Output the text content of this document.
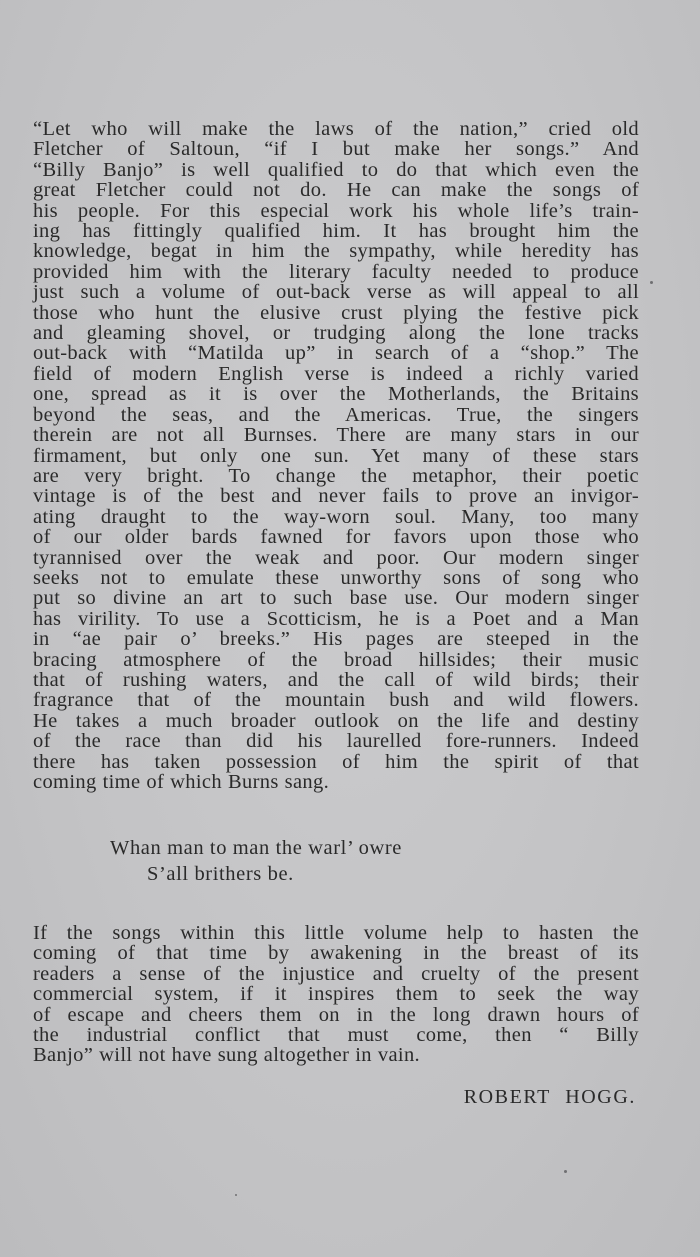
“Let who will make the laws of the nation,” cried old
Fletcher of Saltoun, “if I but make her songs.” And
“Billy Banjo” is well qualified to do that which even the
great Fletcher could not do. He can make the songs of
his people. For this especial work his whole life’s train-
ing has fittingly qualified him. It has brought him the
knowledge, begat in him the sympathy, while heredity has
provided him with the literary faculty needed to produce
just such a volume of out-back verse as will appeal to all
those who hunt the elusive crust plying the festive pick
and gleaming shovel, or trudging along the lone tracks
out-back with “Matilda up” in search of a “shop.” The
field of modern English verse is indeed a richly varied
one, spread as it is over the Motherlands, the Britains
beyond the seas, and the Americas. True, the singers
therein are not all Burnses. There are many stars in our
firmament, but only one sun. Yet many of these stars
are very bright. To change the metaphor, their poetic
vintage is of the best and never fails to prove an invigor-
ating draught to the way-worn soul. Many, too many
of our older bards fawned for favors upon those who
tyrannised over the weak and poor. Our modern singer
seeks not to emulate these unworthy sons of song who
put so divine an art to such base use. Our modern singer
has virility. To use a Scotticism, he is a Poet and a Man
in “ae pair o’ breeks.” His pages are steeped in the
bracing atmosphere of the broad hillsides; their music
that of rushing waters, and the call of wild birds; their
fragrance that of the mountain bush and wild flowers.
He takes a much broader outlook on the life and destiny
of the race than did his laurelled fore-runners. Indeed
there has taken possession of him the spirit of that
coming time of which Burns sang.
Whan man to man the warl’ owre
S’all brithers be.
If the songs within this little volume help to hasten the
coming of that time by awakening in the breast of its
readers a sense of the injustice and cruelty of the present
commercial system, if it inspires them to seek the way
of escape and cheers them on in the long drawn hours of
the industrial conflict that must come, then “ Billy
Banjo” will not have sung altogether in vain.

ROBERT HOGG.
